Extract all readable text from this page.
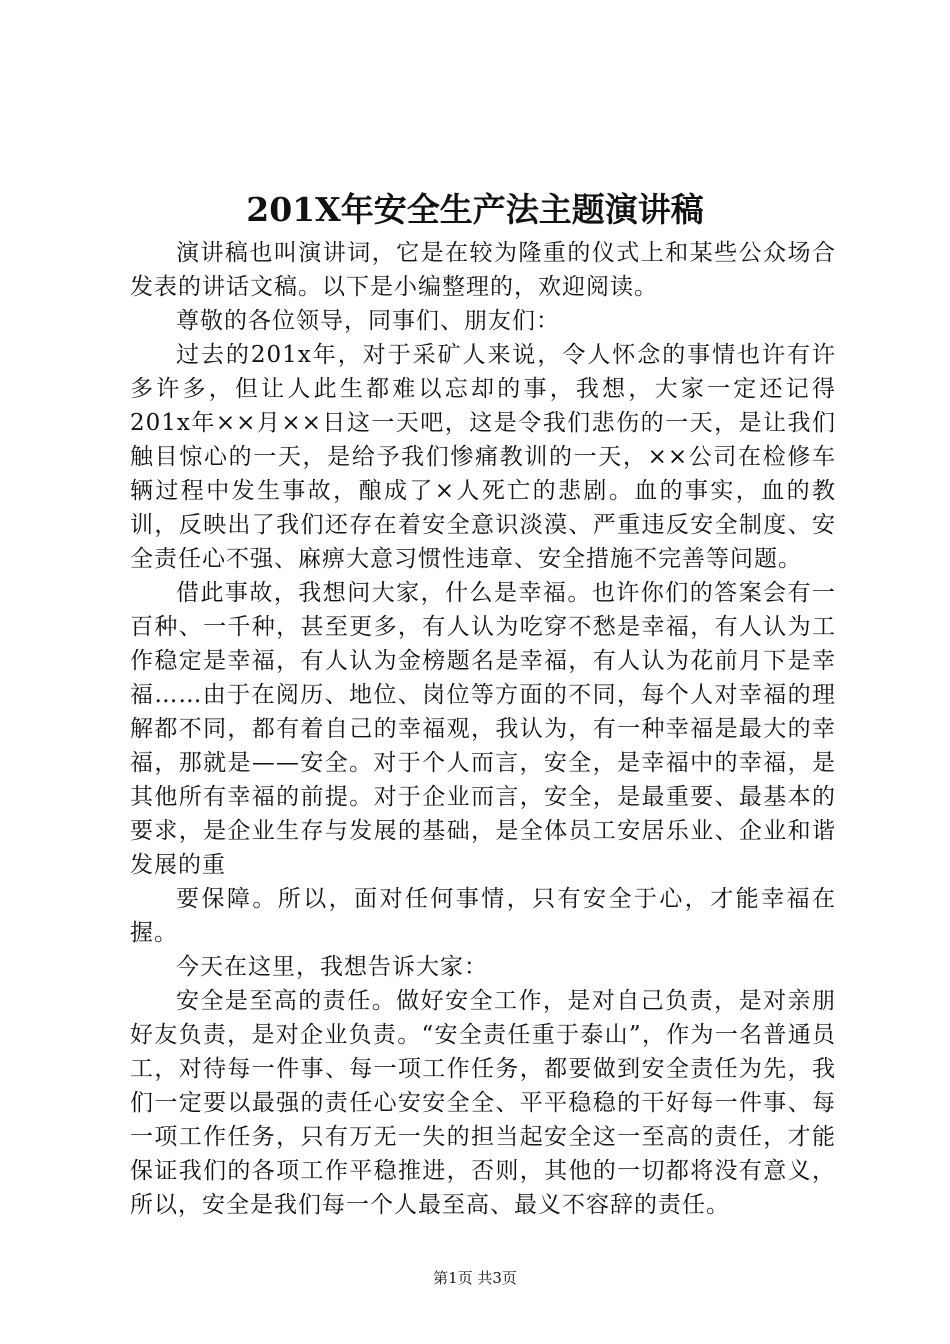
201X年安全生产法主题演讲稿

演讲稿也叫演讲词，它是在较为隆重的仪式上和某些公众场合发表的讲话文稿。以下是小编整理的，欢迎阅读。

尊敬的各位领导，同事们、朋友们：

过去的201x年，对于采矿人来说，令人怀念的事情也许有许多许多，但让人此生都难以忘却的事，我想，大家一定还记得201x年××月××日这一天吧，这是令我们悲伤的一天，是让我们触目惊心的一天，是给予我们惨痛教训的一天，××公司在检修车辆过程中发生事故，酿成了×人死亡的悲剧。血的事实，血的教训，反映出了我们还存在着安全意识淡漠、严重违反安全制度、安全责任心不强、麻痹大意习惯性违章、安全措施不完善等问题。

借此事故，我想问大家，什么是幸福。也许你们的答案会有一百种、一千种，甚至更多，有人认为吃穿不愁是幸福，有人认为工作稳定是幸福，有人认为金榜题名是幸福，有人认为花前月下是幸福……由于在阅历、地位、岗位等方面的不同，每个人对幸福的理解都不同，都有着自己的幸福观，我认为，有一种幸福是最大的幸福，那就是——安全。对于个人而言，安全，是幸福中的幸福，是其他所有幸福的前提。对于企业而言，安全，是最重要、最基本的要求，是企业生存与发展的基础，是全体员工安居乐业、企业和谐发展的重

要保障。所以，面对任何事情，只有安全于心，才能幸福在握。

今天在这里，我想告诉大家：

安全是至高的责任。做好安全工作，是对自己负责，是对亲朋好友负责，是对企业负责。“安全责任重于泰山”，作为一名普通员工，对待每一件事、每一项工作任务，都要做到安全责任为先，我们一定要以最强的责任心安安全全、平平稳稳的干好每一件事、每一项工作任务，只有万无一失的担当起安全这一至高的责任，才能保证我们的各项工作平稳推进，否则，其他的一切都将没有意义，所以，安全是我们每一个人最至高、最义不容辞的责任。

第1页 共3页
